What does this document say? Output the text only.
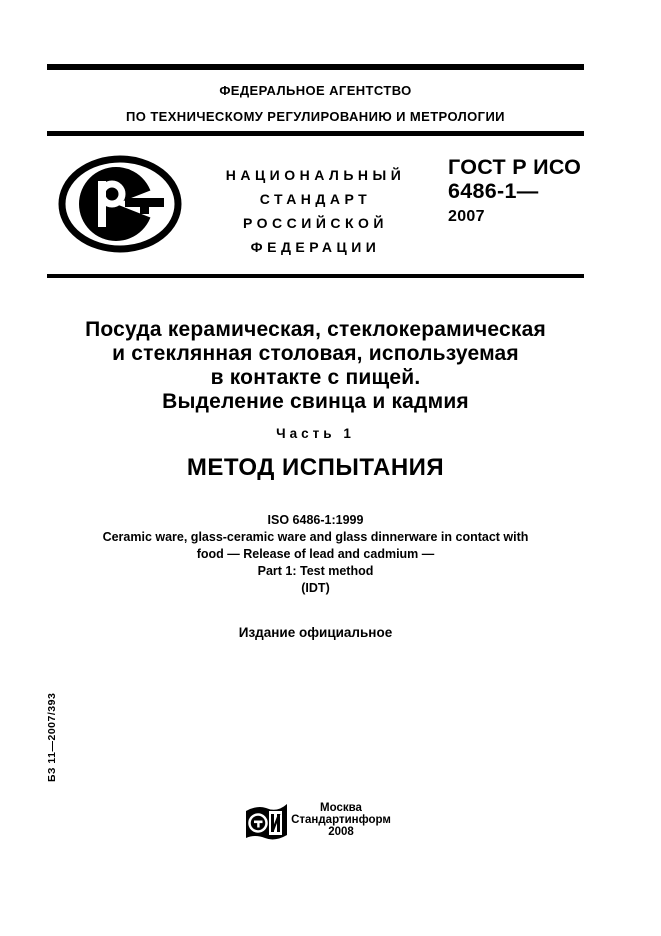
ФЕДЕРАЛЬНОЕ АГЕНТСТВО
ПО ТЕХНИЧЕСКОМУ РЕГУЛИРОВАНИЮ И МЕТРОЛОГИИ
НАЦИОНАЛЬНЫЙ
СТАНДАРТ
РОССИЙСКОЙ
ФЕДЕРАЦИИ
ГОСТ Р ИСО
6486-1—
2007
Посуда керамическая, стеклокерамическая
и стеклянная столовая, используемая
в контакте с пищей.
Выделение свинца и кадмия
Часть 1
МЕТОД ИСПЫТАНИЯ
ISO 6486-1:1999
Ceramic ware, glass-ceramic ware and glass dinnerware in contact with
food — Release of lead and cadmium —
Part 1: Test method
(IDT)
Издание официальное
БЗ 11—2007/393
Москва
Стандартинформ
2008
